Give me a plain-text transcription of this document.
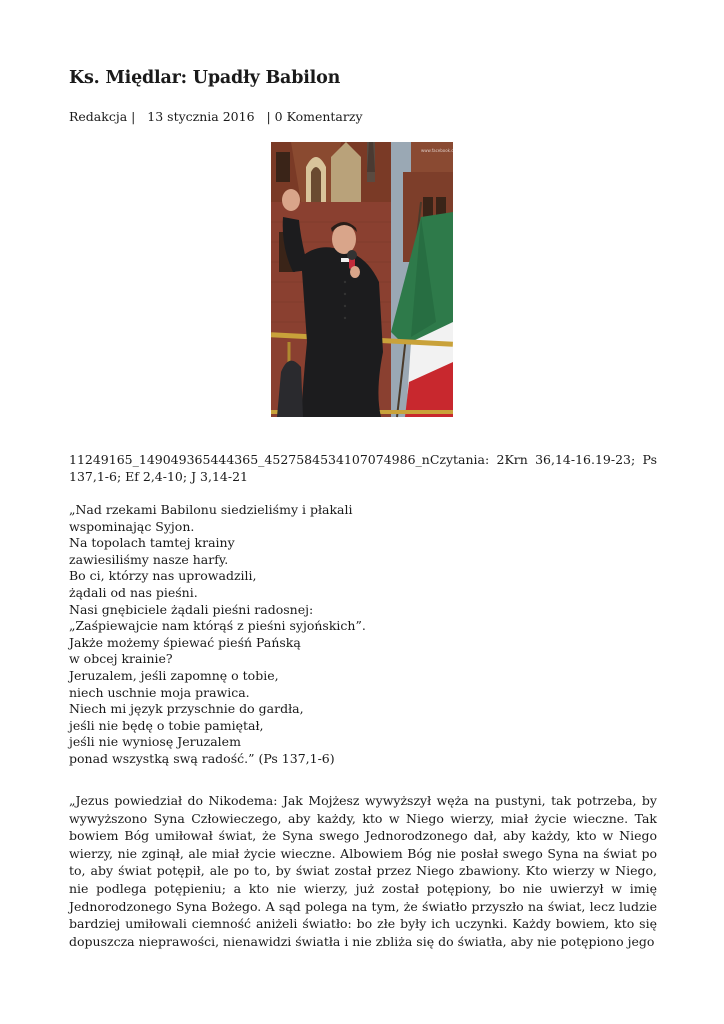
Ks. Międlar: Upadły Babilon
Redakcja |   13 stycznia 2016   | 0 Komentarzy
www.facebook.com/KsMiedlar
11249165_149049365444365_4527584534107074986_nCzytania: 2Krn 36,14-16.19-23; Ps 137,1-6; Ef 2,4-10; J 3,14-21
„Nad rzekami Babilonu siedzieliśmy i płakali
wspominając Syjon.
Na topolach tamtej krainy
zawiesiliśmy nasze harfy.
Bo ci, którzy nas uprowadzili,
żądali od nas pieśni.
Nasi gnębiciele żądali pieśni radosnej:
„Zaśpiewajcie nam którąś z pieśni syjońskich”.
Jakże możemy śpiewać pieśń Pańską
w obcej krainie?
Jeruzalem, jeśli zapomnę o tobie,
niech uschnie moja prawica.
Niech mi język przyschnie do gardła,
jeśli nie będę o tobie pamiętał,
jeśli nie wyniosę Jeruzalem
ponad wszystką swą radość.” (Ps 137,1-6)
„Jezus powiedział do Nikodema: Jak Mojżesz wywyższył węża na pustyni, tak potrzeba, by wywyższono Syna Człowieczego, aby każdy, kto w Niego wierzy, miał życie wieczne. Tak bowiem Bóg umiłował świat, że Syna swego Jednorodzonego dał, aby każdy, kto w Niego wierzy, nie zginął, ale miał życie wieczne. Albowiem Bóg nie posłał swego Syna na świat po to, aby świat potępił, ale po to, by świat został przez Niego zbawiony. Kto wierzy w Niego, nie podlega potępieniu; a kto nie wierzy, już został potępiony, bo nie uwierzył w imię Jednorodzonego Syna Bożego. A sąd polega na tym, że światło przyszło na świat, lecz ludzie bardziej umiłowali ciemność aniżeli światło: bo złe były ich uczynki. Każdy bowiem, kto się dopuszcza nieprawości, nienawidzi światła i nie zbliża się do światła, aby nie potępiono jego
